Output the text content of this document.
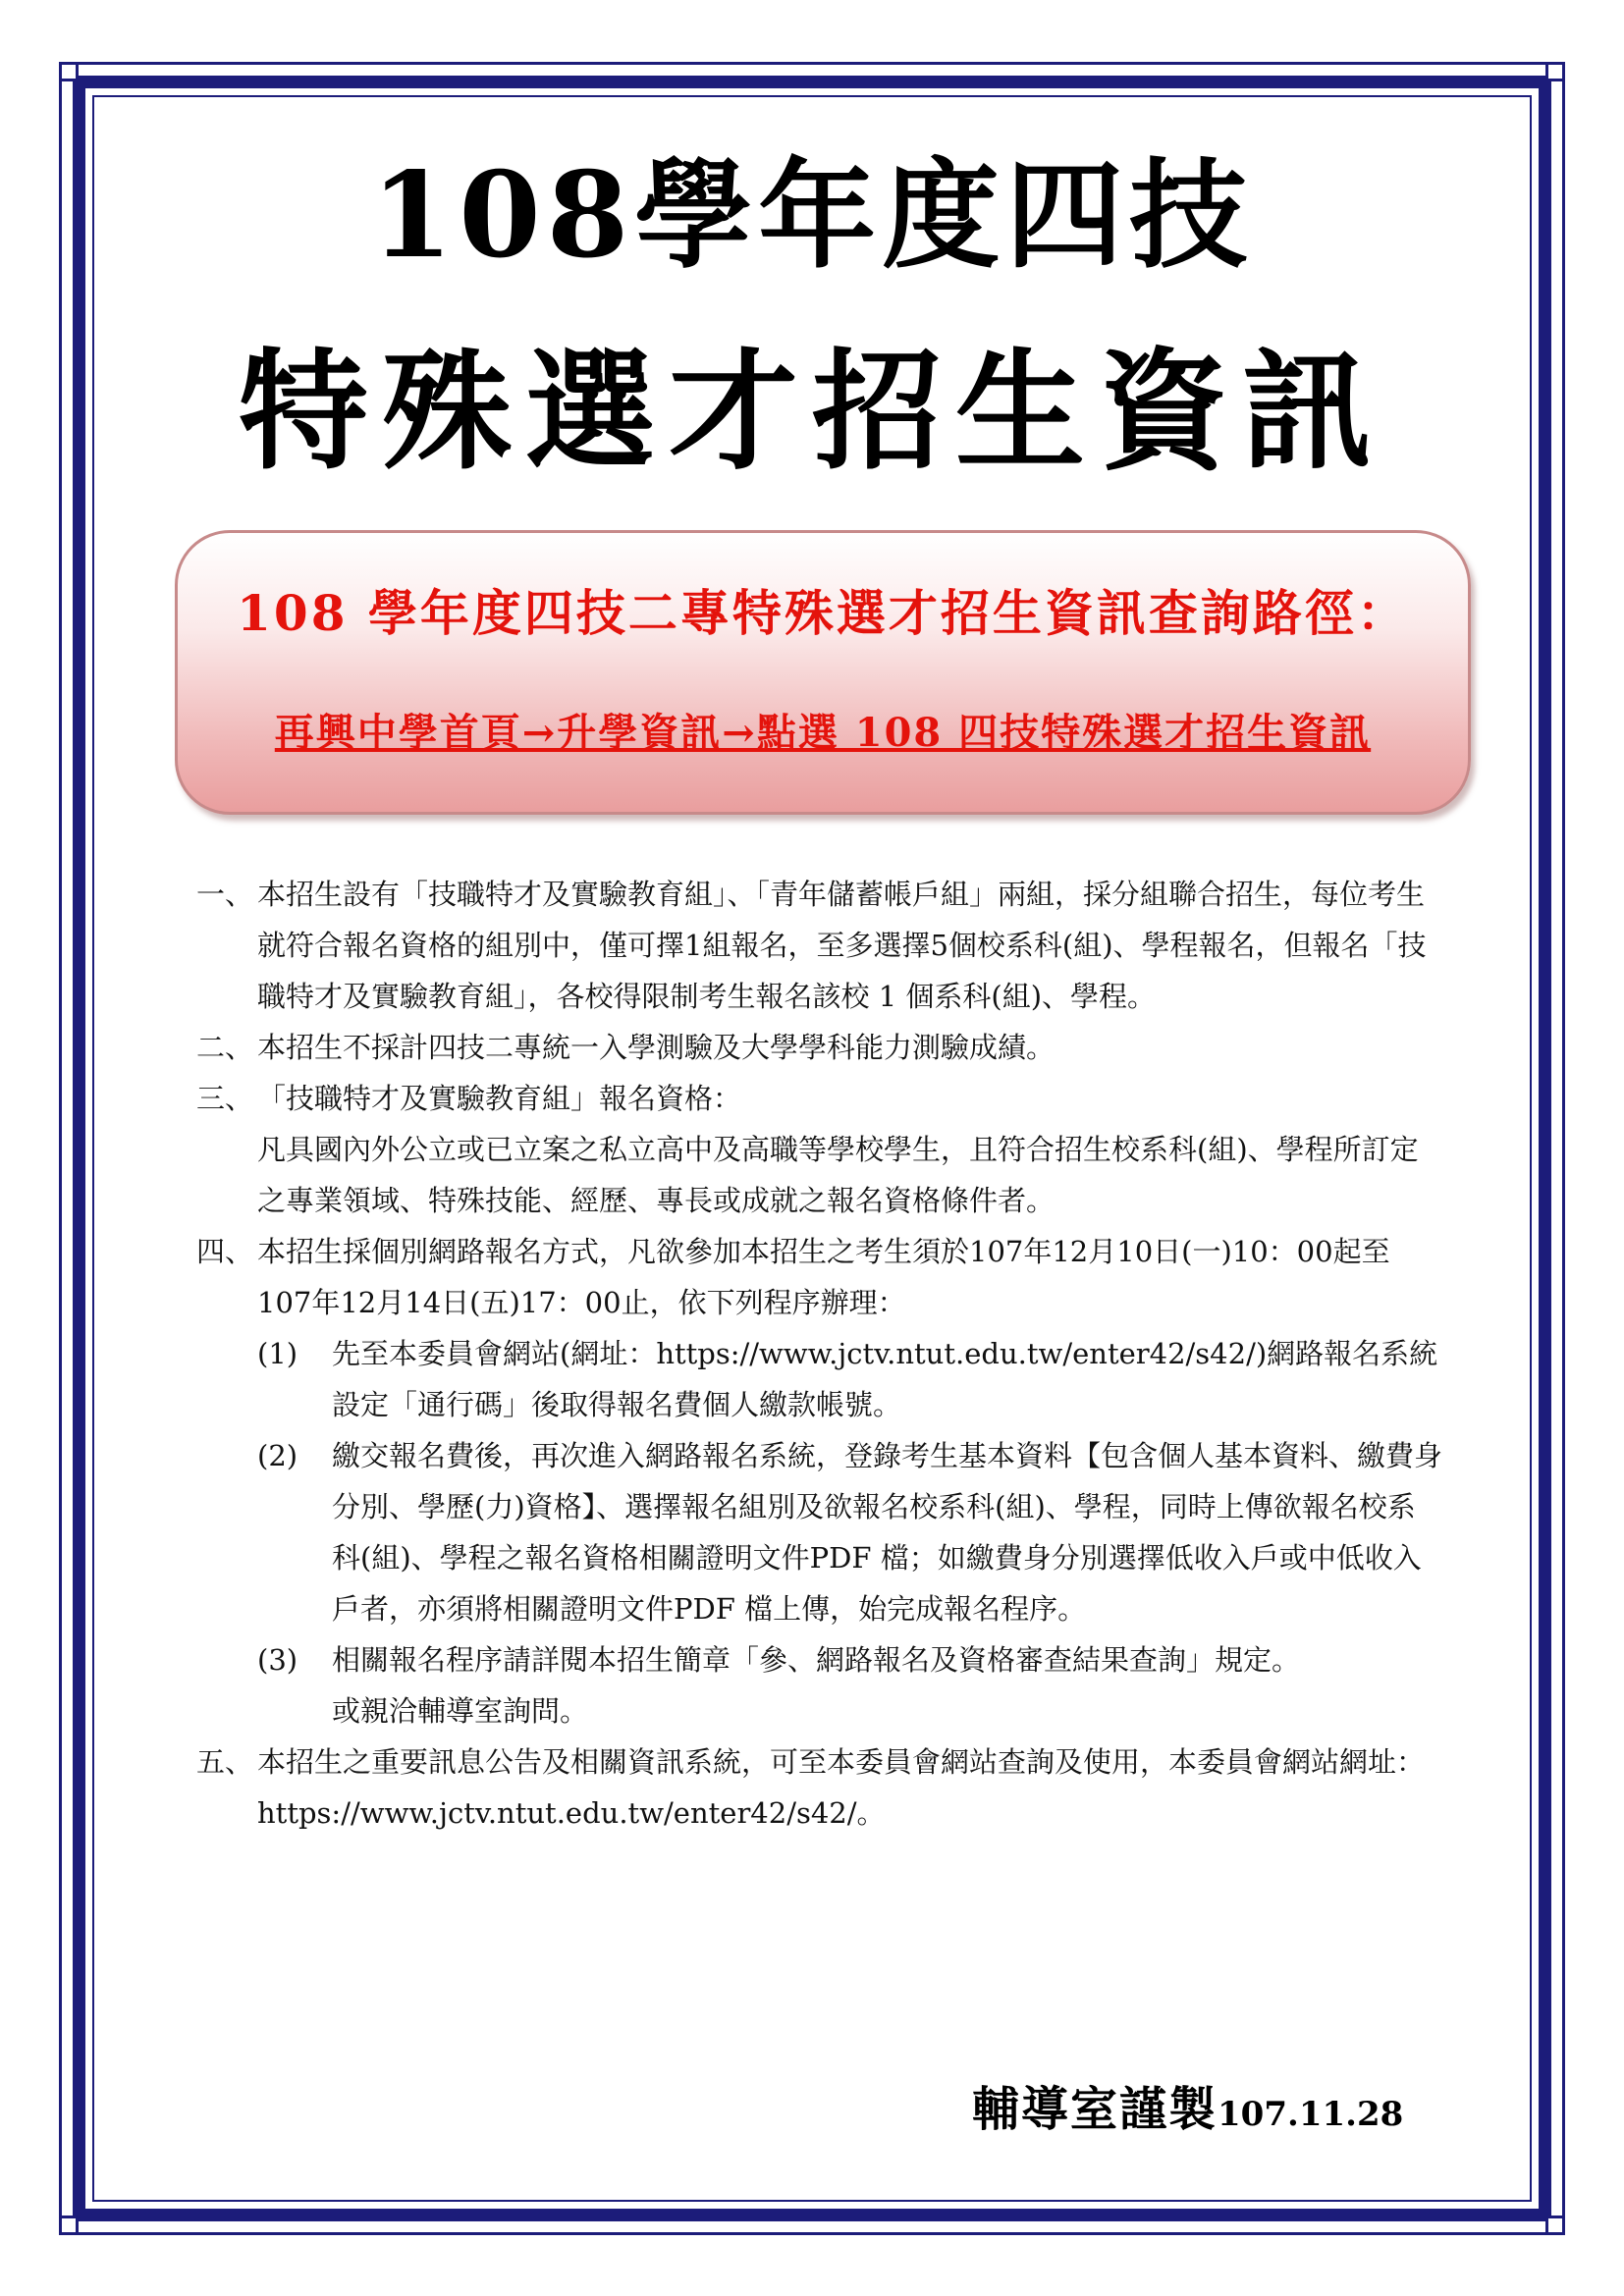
108學年度四技
特殊選才招生資訊
108 學年度四技二專特殊選才招生資訊查詢路徑：
再興中學首頁→升學資訊→點選 108 四技特殊選才招生資訊
一、 本招生設有「技職特才及實驗教育組」、「青年儲蓄帳戶組」兩組，採分組聯合招生，每位考生就符合報名資格的組別中，僅可擇1組報名，至多選擇5個校系科(組)、學程報名，但報名「技職特才及實驗教育組」，各校得限制考生報名該校 1 個系科(組)、學程。
二、 本招生不採計四技二專統一入學測驗及大學學科能力測驗成績。
三、 「技職特才及實驗教育組」報名資格：
凡具國內外公立或已立案之私立高中及高職等學校學生，且符合招生校系科(組)、學程所訂定之專業領域、特殊技能、經歷、專長或成就之報名資格條件者。
四、 本招生採個別網路報名方式，凡欲參加本招生之考生須於107年12月10日(一)10：00起至107年12月14日(五)17：00止，依下列程序辦理：
(1)	先至本委員會網站(網址：https://www.jctv.ntut.edu.tw/enter42/s42/)網路報名系統設定「通行碼」後取得報名費個人繳款帳號。
(2)	繳交報名費後，再次進入網路報名系統，登錄考生基本資料【包含個人基本資料、繳費身分別、學歷(力)資格】、選擇報名組別及欲報名校系科(組)、學程，同時上傳欲報名校系科(組)、學程之報名資格相關證明文件PDF 檔；如繳費身分別選擇低收入戶或中低收入戶者，亦須將相關證明文件PDF 檔上傳，始完成報名程序。
(3)	相關報名程序請詳閱本招生簡章「參、網路報名及資格審查結果查詢」規定。
或親洽輔導室詢問。
五、 本招生之重要訊息公告及相關資訊系統，可至本委員會網站查詢及使用，本委員會網站網址：https://www.jctv.ntut.edu.tw/enter42/s42/。
輔導室謹製107.11.28
